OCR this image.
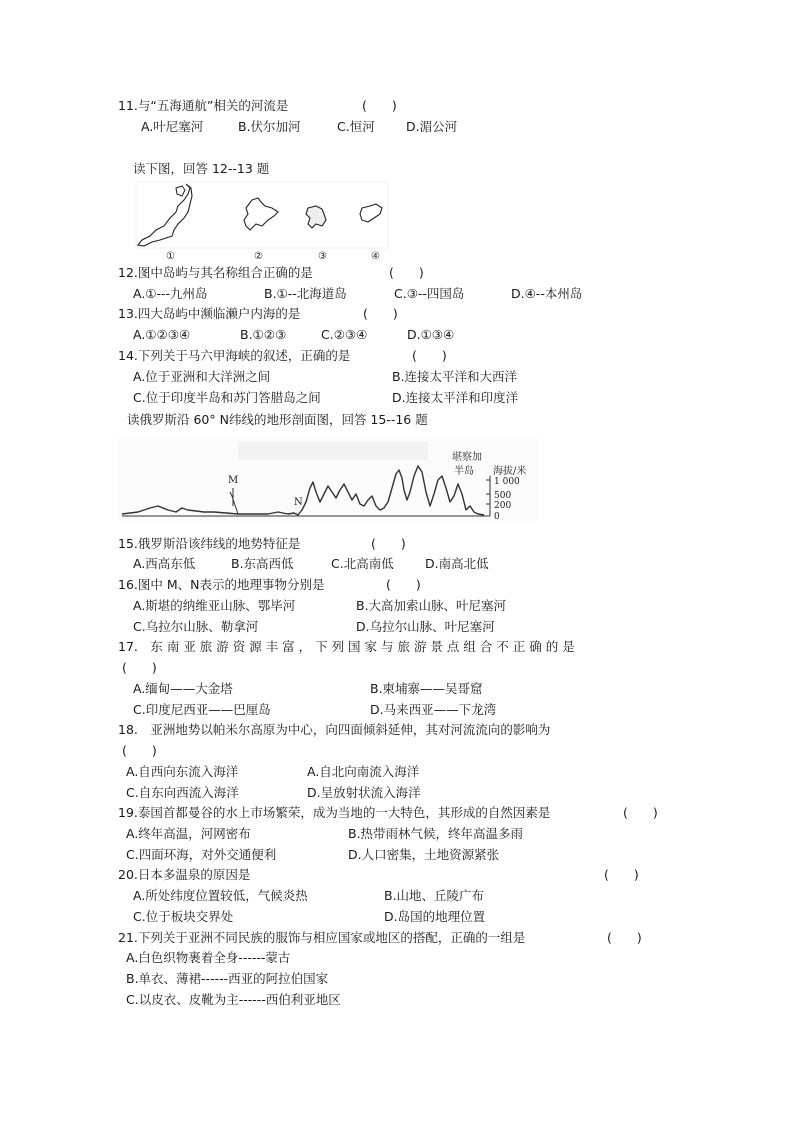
11.与“五海通航”相关的河流是	(　　)
A.叶尼塞河	B.伏尔加河	C.恒河	D.湄公河
读下图，回答 12--13 题
①	②	③	④
12.图中岛屿与其名称组合正确的是	(　　)
A.①---九州岛	B.①--北海道岛	C.③--四国岛	D.④--本州岛
13.四大岛屿中濒临濑户内海的是	(　　)
A.①②③④	B.①②③	C.②③④	D.①③④
14.下列关于马六甲海峡的叙述，正确的是	(　　)
A.位于亚洲和大洋洲之间	B.连接太平洋和大西洋
C.位于印度半岛和苏门答腊岛之间	D.连接太平洋和印度洋
读俄罗斯沿 60° N纬线的地形剖面图，回答 15--16 题
M
N
堪察加
半岛 海拔/米
1 000
500
200
0
15.俄罗斯沿该纬线的地势特征是	(　　)
A.西高东低	B.东高西低	C.北高南低	D.南高北低
16.图中 M、N表示的地理事物分别是	(　　)
A.斯堪的纳维亚山脉、鄂毕河	B.大高加索山脉、叶尼塞河
C.乌拉尔山脉、勒拿河	D.乌拉尔山脉、叶尼塞河
17.　东 南 亚 旅 游 资 源 丰 富 ， 下 列 国 家 与 旅 游 景 点 组 合 不 正 确 的 是
(　　)
A.缅甸——大金塔	B.柬埔寨——吴哥窟
C.印度尼西亚——巴厘岛	D.马来西亚——下龙湾
18.　亚洲地势以帕米尔高原为中心，向四面倾斜延伸，其对河流流向的影响为
(　　)
A.自西向东流入海洋	A.自北向南流入海洋
C.自东向西流入海洋	D.呈放射状流入海洋
19.泰国首都曼谷的水上市场繁荣，成为当地的一大特色，其形成的自然因素是	(　　)
A.终年高温，河网密布	B.热带雨林气候，终年高温多雨
C.四面环海，对外交通便利	D.人口密集，土地资源紧张
20.日本多温泉的原因是	(　　)
A.所处纬度位置较低，气候炎热	B.山地、丘陵广布
C.位于板块交界处	D.岛国的地理位置
21.下列关于亚洲不同民族的服饰与相应国家或地区的搭配，正确的一组是	(　　)
A.白色织物裹着全身------蒙古
B.单衣、薄裙------西亚的阿拉伯国家
C.以皮衣、皮靴为主------西伯利亚地区
